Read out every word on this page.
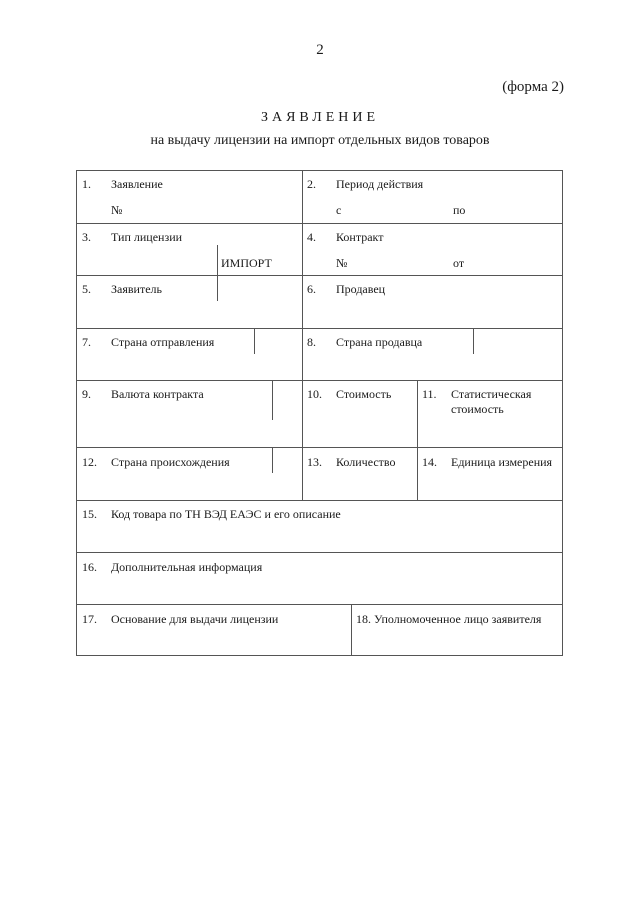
2
(форма 2)
ЗАЯВЛЕНИЕ
на выдачу лицензии на импорт отдельных видов товаров
1. Заявление
№
2. Период действия
с	по
3. Тип лицензии
ИМПОРТ
4. Контракт
№	от
5. Заявитель	6. Продавец
7. Страна отправления	8. Страна продавца
9. Валюта контракта	10. Стоимость	11. Статистическая стоимость
12. Страна происхождения	13. Количество 14. Единица измерения
15. Код товара по ТН ВЭД ЕАЭС и его описание
16. Дополнительная информация
17. Основание для выдачи лицензии	18. Уполномоченное лицо заявителя
